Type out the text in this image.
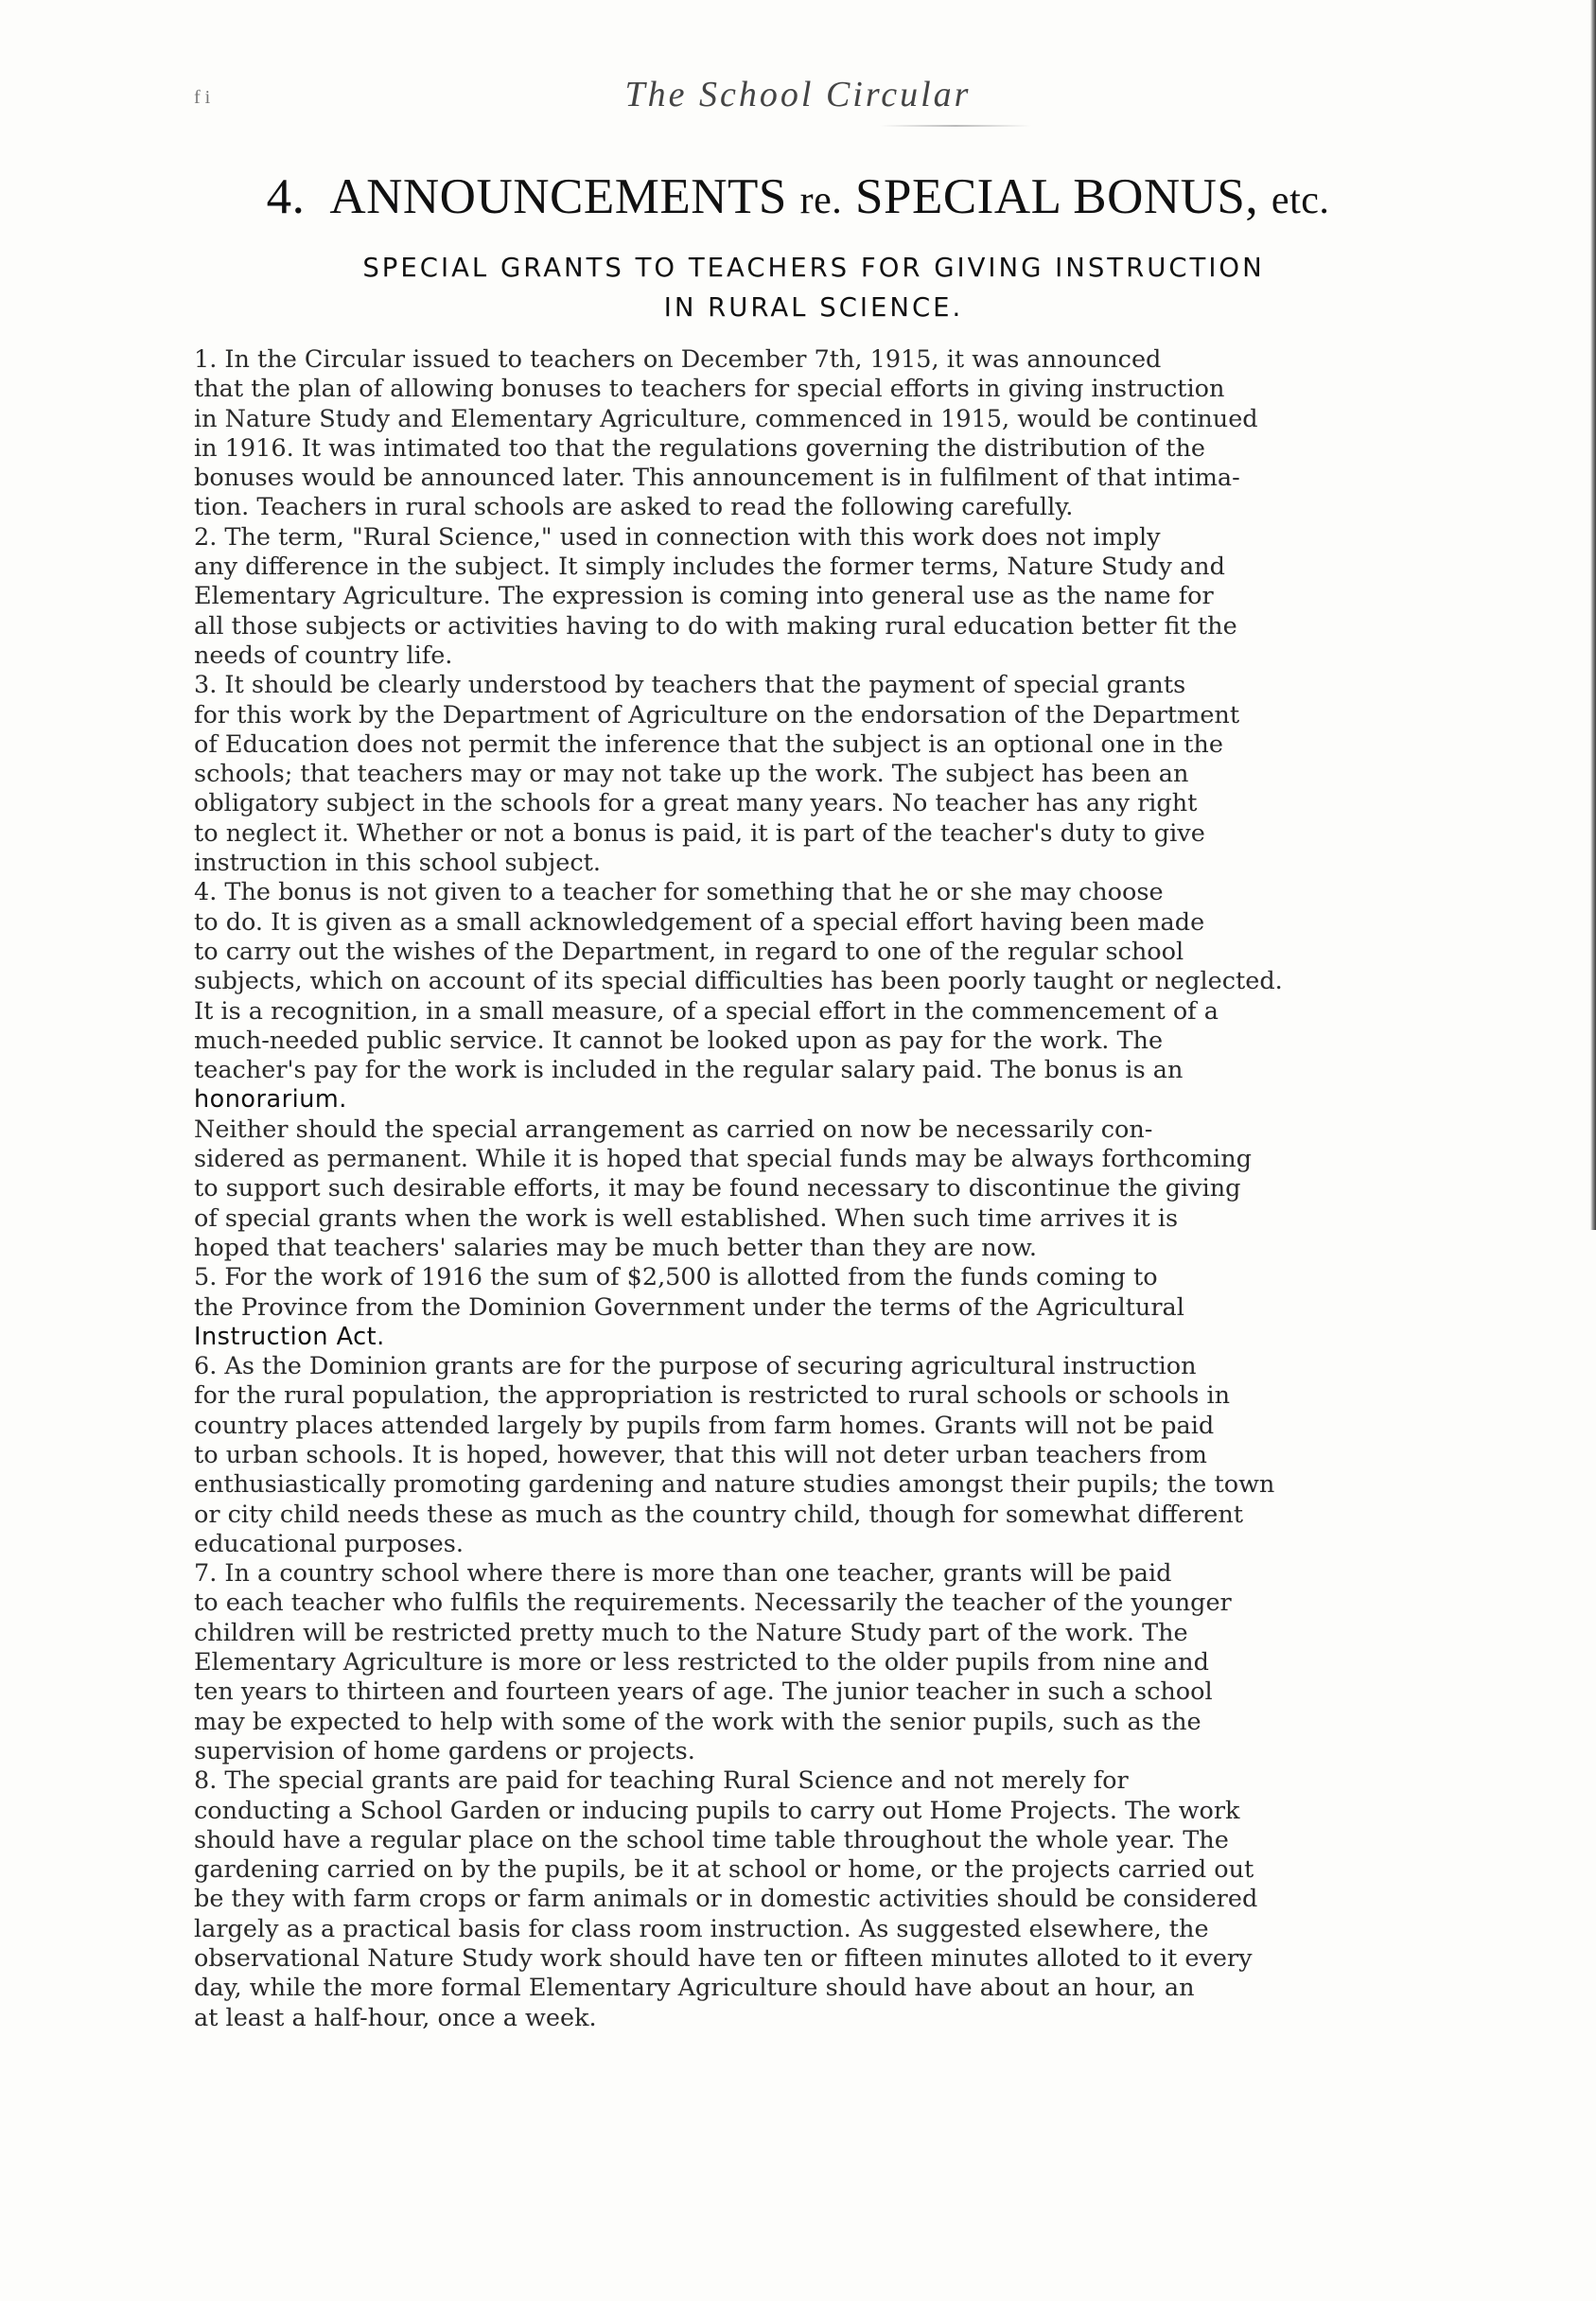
f i	The School Circular
4. ANNOUNCEMENTS re. SPECIAL BONUS, etc.
SPECIAL GRANTS TO TEACHERS FOR GIVING INSTRUCTION
IN RURAL SCIENCE.
1. In the Circular issued to teachers on December 7th, 1915, it was announced
that the plan of allowing bonuses to teachers for special efforts in giving instruction
in Nature Study and Elementary Agriculture, commenced in 1915, would be continued
in 1916. It was intimated too that the regulations governing the distribution of the
bonuses would be announced later. This announcement is in fulfilment of that intima-
tion. Teachers in rural schools are asked to read the following carefully.
2. The term, "Rural Science," used in connection with this work does not imply
any difference in the subject. It simply includes the former terms, Nature Study and
Elementary Agriculture. The expression is coming into general use as the name for
all those subjects or activities having to do with making rural education better fit the
needs of country life.
3. It should be clearly understood by teachers that the payment of special grants
for this work by the Department of Agriculture on the endorsation of the Department
of Education does not permit the inference that the subject is an optional one in the
schools; that teachers may or may not take up the work. The subject has been an
obligatory subject in the schools for a great many years. No teacher has any right
to neglect it. Whether or not a bonus is paid, it is part of the teacher's duty to give
instruction in this school subject.
4. The bonus is not given to a teacher for something that he or she may choose
to do. It is given as a small acknowledgement of a special effort having been made
to carry out the wishes of the Department, in regard to one of the regular school
subjects, which on account of its special difficulties has been poorly taught or neglected.
It is a recognition, in a small measure, of a special effort in the commencement of a
much-needed public service. It cannot be looked upon as pay for the work. The
teacher's pay for the work is included in the regular salary paid. The bonus is an
honorarium.
Neither should the special arrangement as carried on now be necessarily con-
sidered as permanent. While it is hoped that special funds may be always forthcoming
to support such desirable efforts, it may be found necessary to discontinue the giving
of special grants when the work is well established. When such time arrives it is
hoped that teachers' salaries may be much better than they are now.
5. For the work of 1916 the sum of $2,500 is allotted from the funds coming to
the Province from the Dominion Government under the terms of the Agricultural
Instruction Act.
6. As the Dominion grants are for the purpose of securing agricultural instruction
for the rural population, the appropriation is restricted to rural schools or schools in
country places attended largely by pupils from farm homes. Grants will not be paid
to urban schools. It is hoped, however, that this will not deter urban teachers from
enthusiastically promoting gardening and nature studies amongst their pupils; the town
or city child needs these as much as the country child, though for somewhat different
educational purposes.
7. In a country school where there is more than one teacher, grants will be paid
to each teacher who fulfils the requirements. Necessarily the teacher of the younger
children will be restricted pretty much to the Nature Study part of the work. The
Elementary Agriculture is more or less restricted to the older pupils from nine and
ten years to thirteen and fourteen years of age. The junior teacher in such a school
may be expected to help with some of the work with the senior pupils, such as the
supervision of home gardens or projects.
8. The special grants are paid for teaching Rural Science and not merely for
conducting a School Garden or inducing pupils to carry out Home Projects. The work
should have a regular place on the school time table throughout the whole year. The
gardening carried on by the pupils, be it at school or home, or the projects carried out
be they with farm crops or farm animals or in domestic activities should be considered
largely as a practical basis for class room instruction. As suggested elsewhere, the
observational Nature Study work should have ten or fifteen minutes alloted to it every
day, while the more formal Elementary Agriculture should have about an hour, an
at least a half-hour, once a week.
